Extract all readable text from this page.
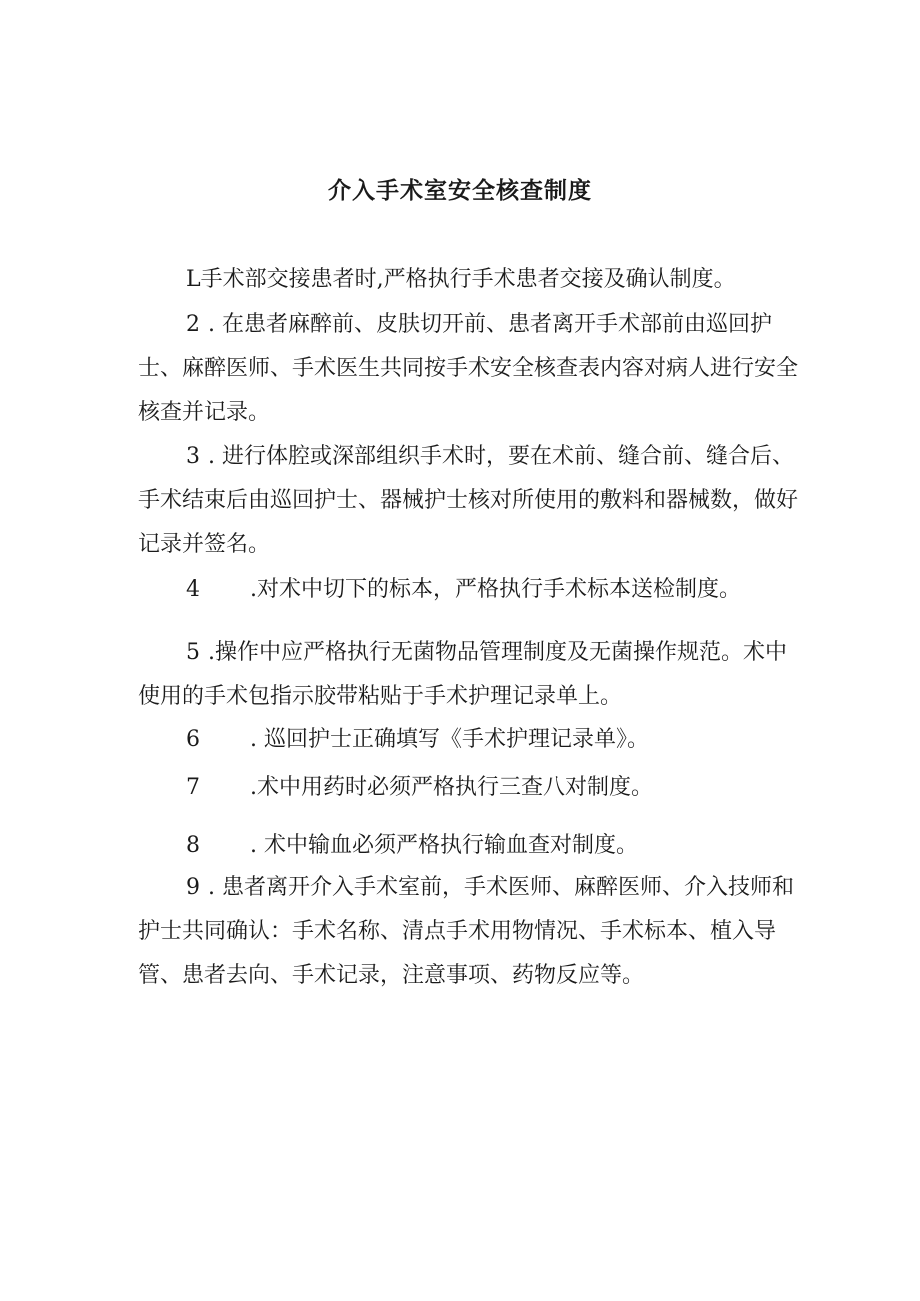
介入手术室安全核查制度
L手术部交接患者时,严格执行手术患者交接及确认制度。
2 . 在患者麻醉前、皮肤切开前、患者离开手术部前由巡回护士、麻醉医师、手术医生共同按手术安全核查表内容对病人进行安全核查并记录。
3 . 进行体腔或深部组织手术时，要在术前、缝合前、缝合后、手术结束后由巡回护士、器械护士核对所使用的敷料和器械数，做好记录并签名。
4 .对术中切下的标本，严格执行手术标本送检制度。
5 .操作中应严格执行无菌物品管理制度及无菌操作规范。术中使用的手术包指示胶带粘贴于手术护理记录单上。
6 . 巡回护士正确填写《手术护理记录单》。
7 .术中用药时必须严格执行三查八对制度。
8 . 术中输血必须严格执行输血查对制度。
9 . 患者离开介入手术室前，手术医师、麻醉医师、介入技师和护士共同确认：手术名称、清点手术用物情况、手术标本、植入导管、患者去向、手术记录，注意事项、药物反应等。
